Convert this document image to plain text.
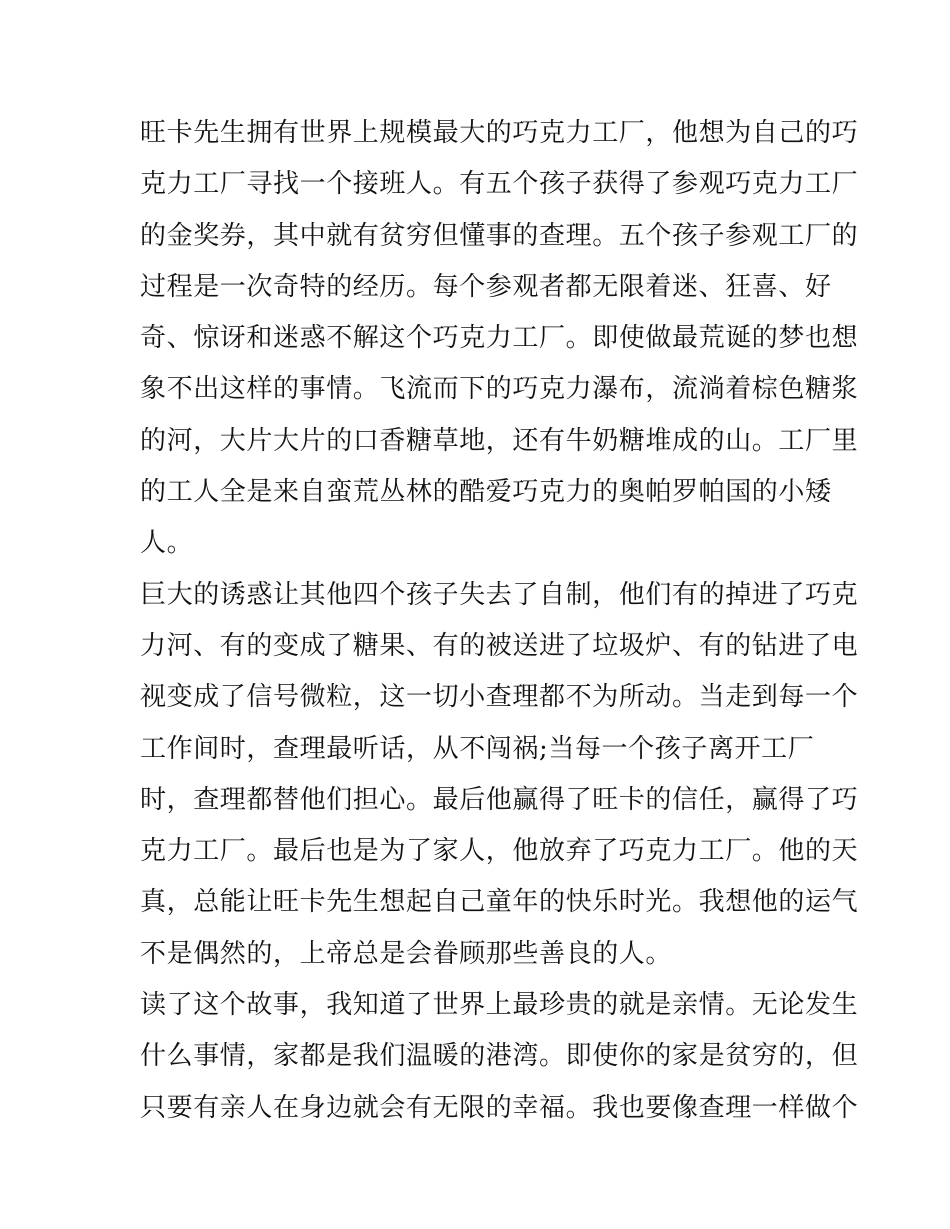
旺卡先生拥有世界上规模最大的巧克力工厂，他想为自己的巧
克力工厂寻找一个接班人。有五个孩子获得了参观巧克力工厂
的金奖券，其中就有贫穷但懂事的查理。五个孩子参观工厂的
过程是一次奇特的经历。每个参观者都无限着迷、狂喜、好
奇、惊讶和迷惑不解这个巧克力工厂。即使做最荒诞的梦也想
象不出这样的事情。飞流而下的巧克力瀑布，流淌着棕色糖浆
的河，大片大片的口香糖草地，还有牛奶糖堆成的山。工厂里
的工人全是来自蛮荒丛林的酷爱巧克力的奥帕罗帕国的小矮
人。
巨大的诱惑让其他四个孩子失去了自制，他们有的掉进了巧克
力河、有的变成了糖果、有的被送进了垃圾炉、有的钻进了电
视变成了信号微粒，这一切小查理都不为所动。当走到每一个
工作间时，查理最听话，从不闯祸;当每一个孩子离开工厂
时，查理都替他们担心。最后他赢得了旺卡的信任，赢得了巧
克力工厂。最后也是为了家人，他放弃了巧克力工厂。他的天
真，总能让旺卡先生想起自己童年的快乐时光。我想他的运气
不是偶然的，上帝总是会眷顾那些善良的人。
读了这个故事，我知道了世界上最珍贵的就是亲情。无论发生
什么事情，家都是我们温暖的港湾。即使你的家是贫穷的，但
只要有亲人在身边就会有无限的幸福。我也要像查理一样做个
